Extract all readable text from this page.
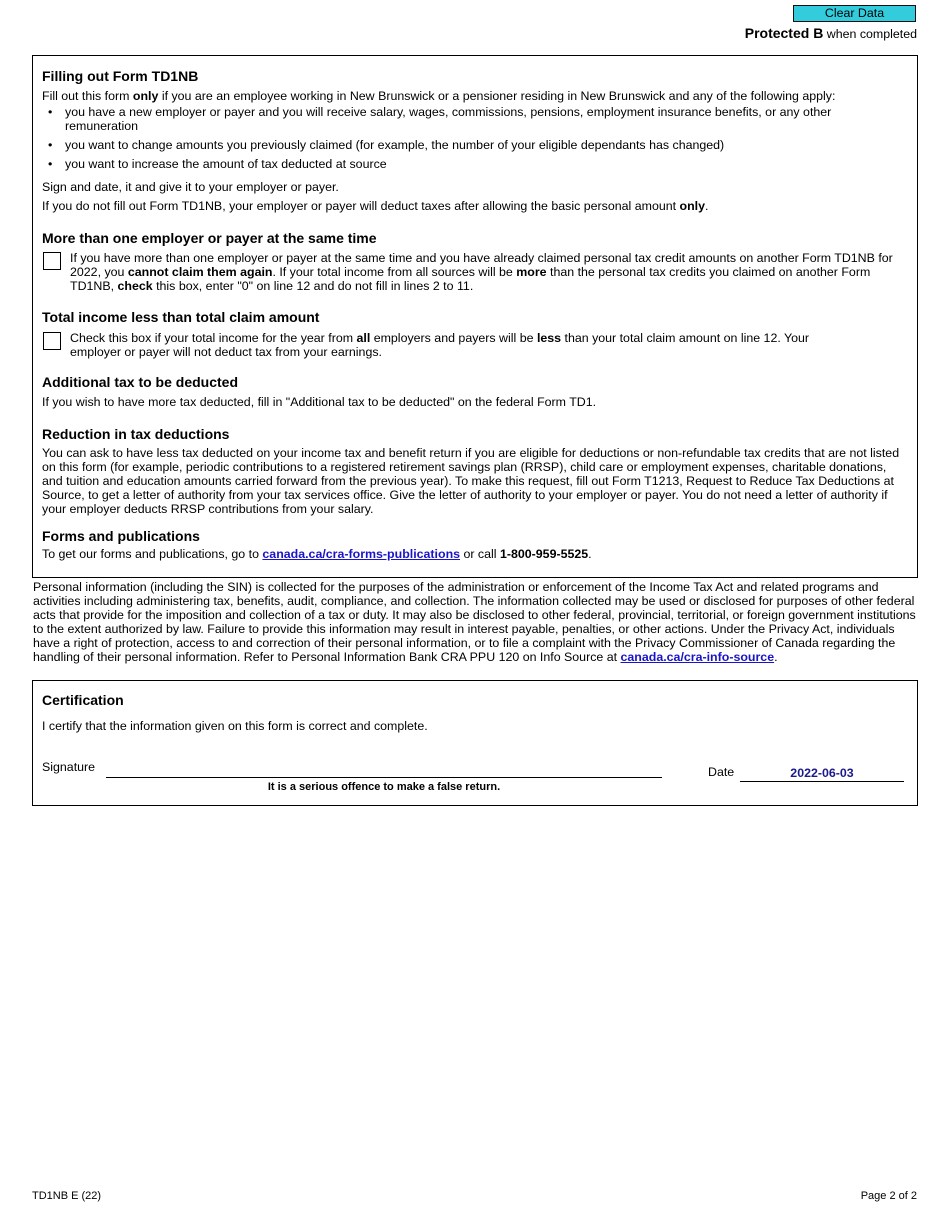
Clear Data
Protected B when completed
Filling out Form TD1NB

Fill out this form only if you are an employee working in New Brunswick or a pensioner residing in New Brunswick and any of the following apply:

• you have a new employer or payer and you will receive salary, wages, commissions, pensions, employment insurance benefits, or any other remuneration
• you want to change amounts you previously claimed (for example, the number of your eligible dependants has changed)
• you want to increase the amount of tax deducted at source

Sign and date, it and give it to your employer or payer.

If you do not fill out Form TD1NB, your employer or payer will deduct taxes after allowing the basic personal amount only.

More than one employer or payer at the same time

If you have more than one employer or payer at the same time and you have already claimed personal tax credit amounts on another Form TD1NB for 2022, you cannot claim them again. If your total income from all sources will be more than the personal tax credits you claimed on another Form TD1NB, check this box, enter "0" on line 12 and do not fill in lines 2 to 11.

Total income less than total claim amount

Check this box if your total income for the year from all employers and payers will be less than your total claim amount on line 12. Your employer or payer will not deduct tax from your earnings.

Additional tax to be deducted

If you wish to have more tax deducted, fill in "Additional tax to be deducted" on the federal Form TD1.

Reduction in tax deductions

You can ask to have less tax deducted on your income tax and benefit return if you are eligible for deductions or non-refundable tax credits that are not listed on this form (for example, periodic contributions to a registered retirement savings plan (RRSP), child care or employment expenses, charitable donations, and tuition and education amounts carried forward from the previous year). To make this request, fill out Form T1213, Request to Reduce Tax Deductions at Source, to get a letter of authority from your tax services office. Give the letter of authority to your employer or payer. You do not need a letter of authority if your employer deducts RRSP contributions from your salary.

Forms and publications

To get our forms and publications, go to canada.ca/cra-forms-publications or call 1-800-959-5525.

Personal information (including the SIN) is collected for the purposes of the administration or enforcement of the Income Tax Act and related programs and activities including administering tax, benefits, audit, compliance, and collection. The information collected may be used or disclosed for purposes of other federal acts that provide for the imposition and collection of a tax or duty. It may also be disclosed to other federal, provincial, territorial, or foreign government institutions to the extent authorized by law. Failure to provide this information may result in interest payable, penalties, or other actions. Under the Privacy Act, individuals have a right of protection, access to and correction of their personal information, or to file a complaint with the Privacy Commissioner of Canada regarding the handling of their personal information. Refer to Personal Information Bank CRA PPU 120 on Info Source at canada.ca/cra-info-source.

Certification

I certify that the information given on this form is correct and complete.

Signature	Date

It is a serious offence to make a false return.
2022-06-03
TD1NB E (22)	Page 2 of 2
